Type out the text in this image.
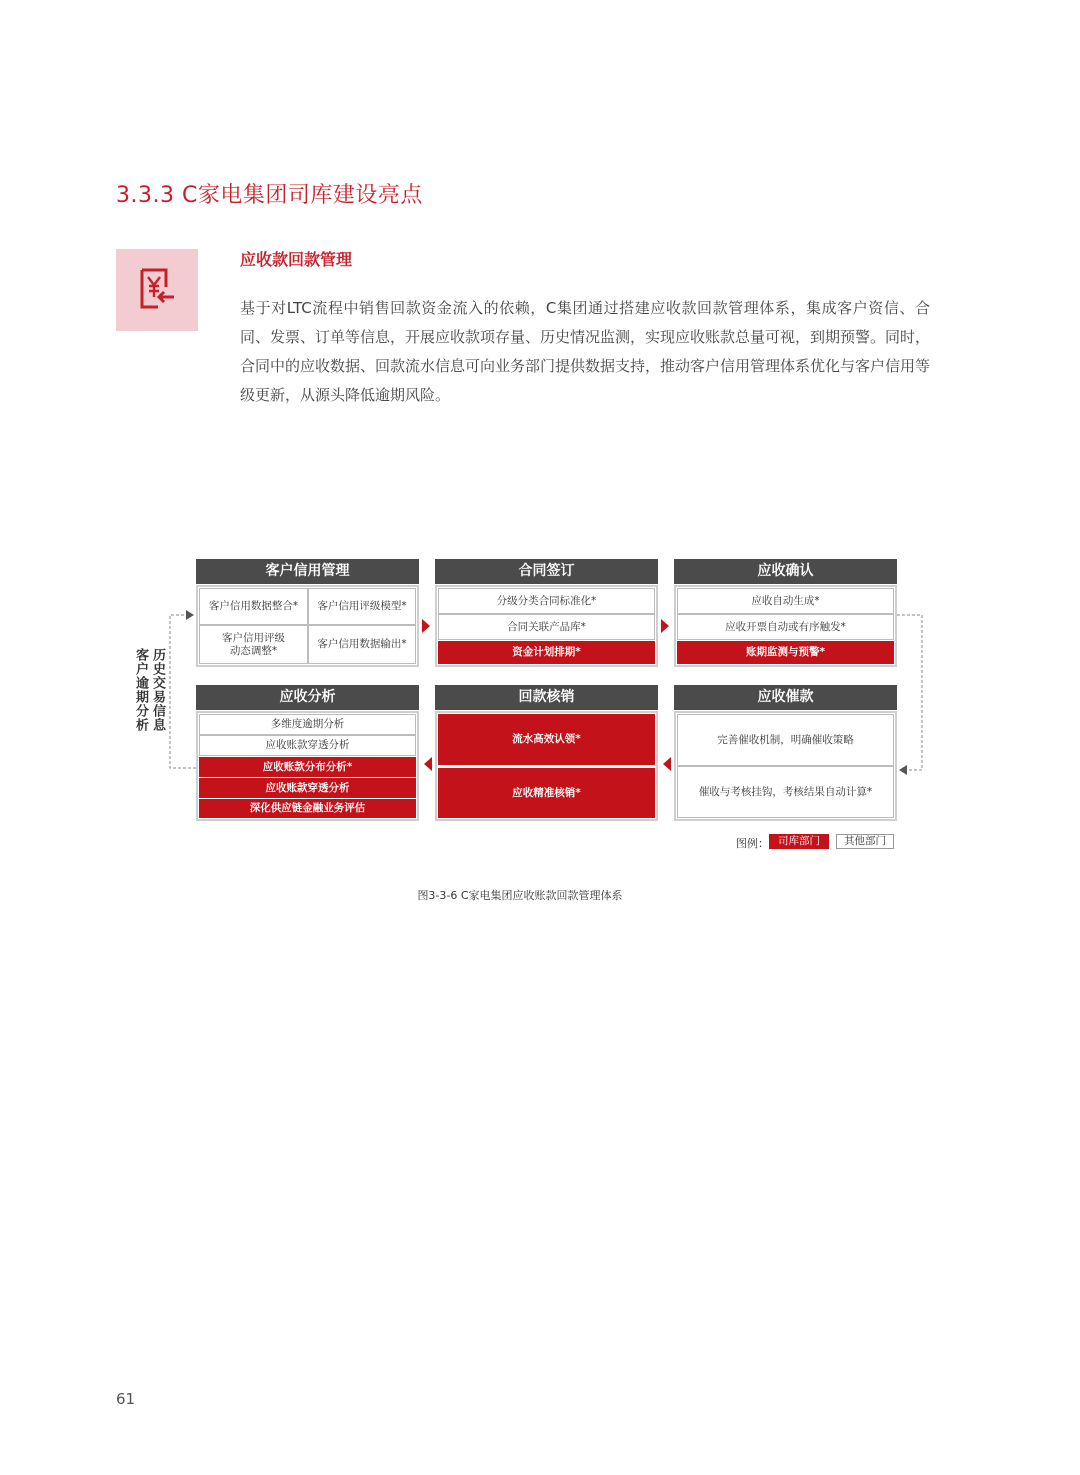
3.3.3 C家电集团司库建设亮点
应收款回款管理
基于对LTC流程中销售回款资金流入的依赖，C集团通过搭建应收款回款管理体系，集成客户资信、合同、发票、订单等信息，开展应收款项存量、历史情况监测，实现应收账款总量可视，到期预警。同时，合同中的应收数据、回款流水信息可向业务部门提供数据支持，推动客户信用管理体系优化与客户信用等级更新，从源头降低逾期风险。
客户信用管理
客户信用数据整合*	客户信用评级模型*
客户信用评级动态调整*
客户信用数据输出*
合同签订
分级分类合同标准化*
合同关联产品库*
资金计划排期*
应收确认
应收自动生成*
应收开票自动或有序触发*
账期监测与预警*
应收分析
多维度逾期分析
应收账款穿透分析
应收账款分布分析*
应收账款穿透分析
深化供应链金融业务评估
回款核销
流水高效认领*
应收精准核销*
应收催款
完善催收机制，明确催收策略
催收与考核挂钩，考核结果自动计算*
历史交易信息
客户逾期分析
图例： 司库部门	其他部门
图3-3-6 C家电集团应收账款回款管理体系
61
